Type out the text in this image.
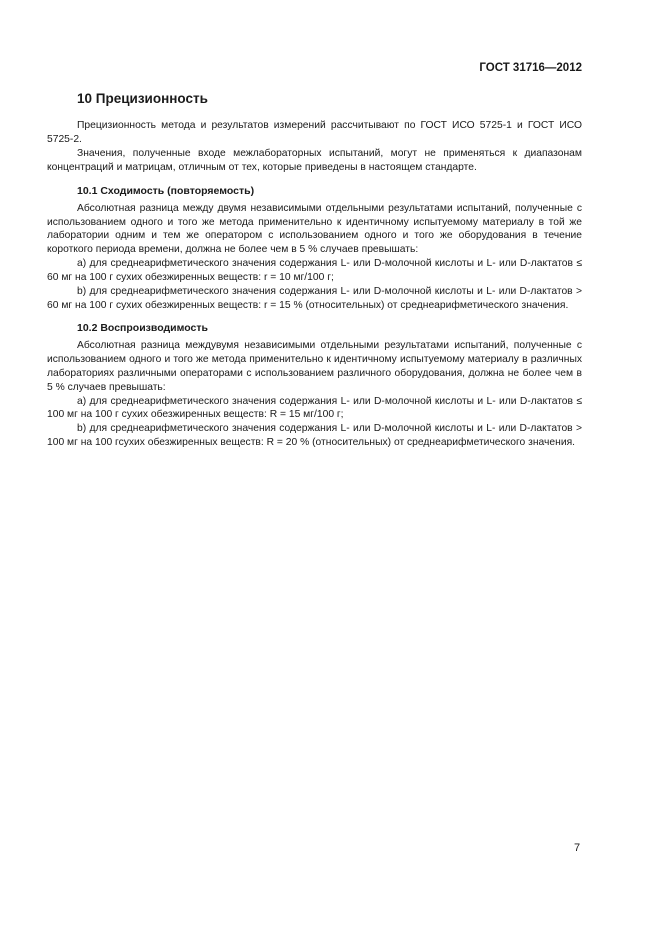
ГОСТ 31716—2012
10 Прецизионность

Прецизионность метода и результатов измерений рассчитывают по ГОСТ ИСО 5725-1 и ГОСТ ИСО 5725-2.

Значения, полученные входе межлабораторных испытаний, могут не применяться к диапазонам концентраций и матрицам, отличным от тех, которые приведены в настоящем стандарте.

10.1 Сходимость (повторяемость)

Абсолютная разница между двумя независимыми отдельными результатами испытаний, полученные с использованием одного и того же метода применительно к идентичному испытуемому материалу в той же лаборатории одним и тем же оператором c использованием одного и того же оборудования в течение короткого периода времени, должна не более чем в 5 % случаев превышать:

а) для среднеарифметического значения содержания L- или D-молочной кислоты и L- или D-лактатов ≤ 60 мг на 100 г сухих обезжиренных веществ: r = 10 мг/100 г;

b) для среднеарифметического значения содержания L- или D-молочной кислоты и L- или D-лактатов > 60 мг на 100 г сухих обезжиренных веществ: r = 15 % (относительных) от среднеарифметического значения.

10.2 Воспроизводимость

Абсолютная разница междувумя независимыми отдельными результатами испытаний, полученные с использованием одного и того же метода применительно к идентичному испытуемому материалу в различных лабораториях различными операторами с использованием различного оборудования, должна не более чем в 5 % случаев превышать:

а) для среднеарифметического значения содержания L- или D-молочной кислоты и L- или D-лактатов ≤ 100 мг на 100 г сухих обезжиренных веществ: R = 15 мг/100 г;

b) для среднеарифметического значения содержания L- или D-молочной кислоты и L- или D-лактатов > 100 мг на 100 гсухих обезжиренных веществ: R = 20 % (относительных) от среднеарифметического значения.

7
